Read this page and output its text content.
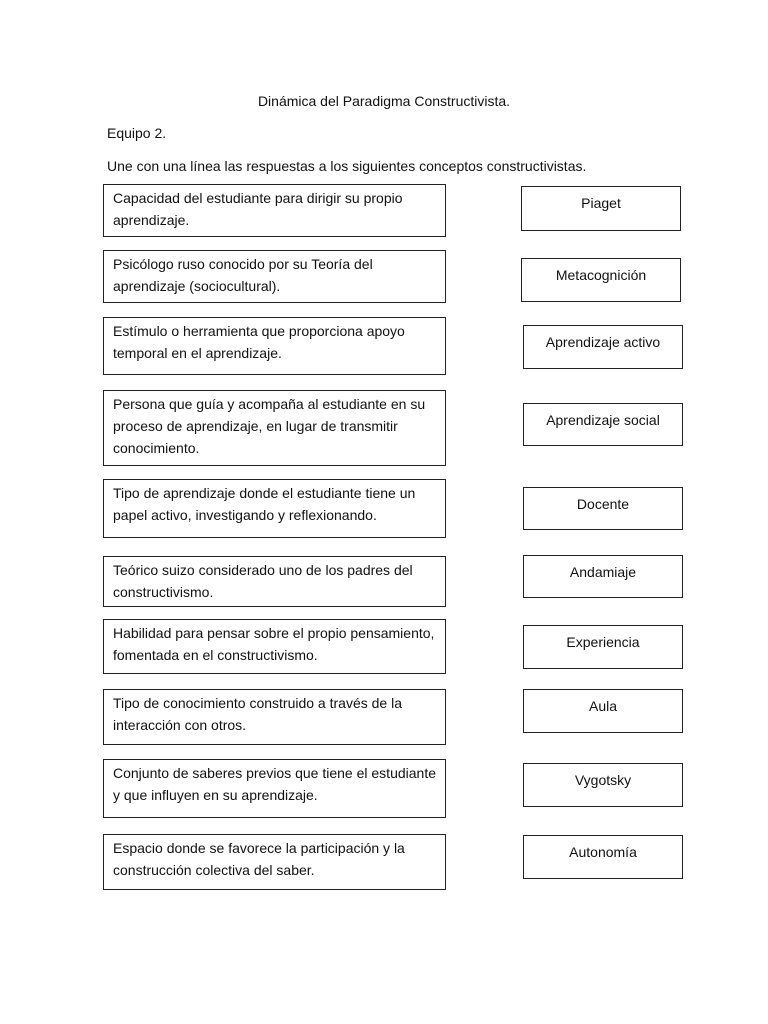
Dinámica del Paradigma Constructivista.
Equipo 2.
Une con una línea las respuestas a los siguientes conceptos constructivistas.
Capacidad del estudiante para dirigir su propio aprendizaje.
Psicólogo ruso conocido por su Teoría del aprendizaje (sociocultural).
Estímulo o herramienta que proporciona apoyo temporal en el aprendizaje.
Persona que guía y acompaña al estudiante en su proceso de aprendizaje, en lugar de transmitir conocimiento.
Tipo de aprendizaje donde el estudiante tiene un papel activo, investigando y reflexionando.
Teórico suizo considerado uno de los padres del constructivismo.
Habilidad para pensar sobre el propio pensamiento, fomentada en el constructivismo.
Tipo de conocimiento construido a través de la interacción con otros.
Conjunto de saberes previos que tiene el estudiante y que influyen en su aprendizaje.
Espacio donde se favorece la participación y la construcción colectiva del saber.
Piaget
Metacognición
Aprendizaje activo
Aprendizaje social
Docente
Andamiaje
Experiencia
Aula
Vygotsky
Autonomía
